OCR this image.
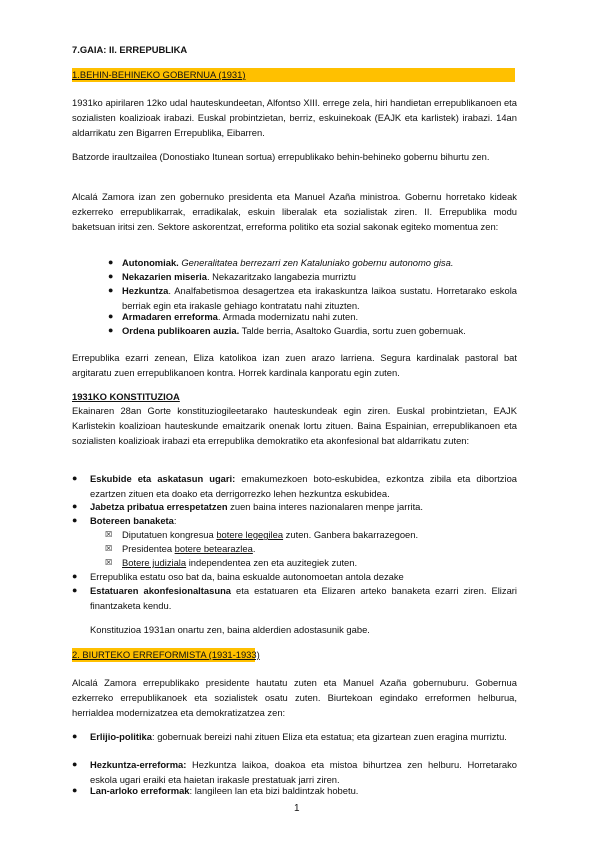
7.GAIA: II. ERREPUBLIKA

1.BEHIN-BEHINEKO GOBERNUA (1931)

1931ko apirilaren 12ko udal hauteskundeetan, Alfontso XIII. errege zela, hiri handietan errepublikanoen eta sozialisten koalizioak irabazi. Euskal probintzietan, berriz, eskuinekoak (EAJK eta karlistek) irabazi. 14an aldarrikatu zen Bigarren Errepublika, Eibarren.

Batzorde iraultzailea (Donostiako Itunean sortua) errepublikako behin-behineko gobernu bihurtu zen.

Alcalá Zamora izan zen gobernuko presidenta eta Manuel Azaña ministroa. Gobernu horretako kideak ezkerreko errepublikarrak, erradikalak, eskuin liberalak eta sozialistak ziren. II. Errepublika modu baketsuan iritsi zen. Sektore askorentzat, erreforma politiko eta sozial sakonak egiteko momentua zen:

● Autonomiak. Generalitatea berrezarri zen Kataluniako gobernu autonomo gisa.

● Nekazarien miseria. Nekazaritzako langabezia murriztu

● Hezkuntza. Analfabetismoa desagertzea eta irakaskuntza laikoa sustatu. Horretarako eskola berriak egin eta irakasle gehiago kontratatu nahi zituzten.

● Armadaren erreforma. Armada modernizatu nahi zuten.

● Ordena publikoaren auzia. Talde berria, Asaltoko Guardia, sortu zuen gobernuak.

Errepublika ezarri zenean, Eliza katolikoa izan zuen arazo larriena. Segura kardinalak pastoral bat argitaratu zuen errepublikanoen kontra. Horrek kardinala kanporatu egin zuten.

1931KO KONSTITUZIOA

Ekainaren 28an Gorte konstituziogileetarako hauteskundeak egin ziren. Euskal probintzietan, EAJK Karlistekin koalizioan hauteskunde emaitzarik onenak lortu zituen. Baina Espainian, errepublikanoen eta sozialisten koalizioak irabazi eta errepublika demokratiko eta akonfesional bat aldarrikatu zuten:

● Eskubide eta askatasun ugari: emakumezkoen boto-eskubidea, ezkontza zibila eta dibortzioa ezartzen zituen eta doako eta derrigorrezko lehen hezkuntza eskubidea.

● Jabetza pribatua errespetatzen zuen baina interes nazionalaren menpe jarrita.

● Botereen banaketa:

☒ Diputatuen kongresua botere legegilea zuten. Ganbera bakarrazegoen.

☒ Presidentea botere betearazlea.

☒ Botere judiziala independentea zen eta auzitegiek zuten.

● Errepublika estatu oso bat da, baina eskualde autonomoetan antola dezake

● Estatuaren akonfesionaltasuna eta estatuaren eta Elizaren arteko banaketa ezarri ziren. Elizari finantzaketa kendu.

Konstituzioa 1931an onartu zen, baina alderdien adostasunik gabe.

2. BIURTEKO ERREFORMISTA (1931-1933)

Alcalá Zamora errepublikako presidente hautatu zuten eta Manuel Azaña gobernuburu. Gobernua ezkerreko errepublikanoek eta sozialistek osatu zuten. Biurtekoan egindako erreformen helburua, herrialdea modernizatzea eta demokratizatzea zen:

● Erlijio-politika: gobernuak bereizi nahi zituen Eliza eta estatua; eta gizartean zuen eragina murriztu.

● Hezkuntza-erreforma: Hezkuntza laikoa, doakoa eta mistoa bihurtzea zen helburu. Horretarako eskola ugari eraiki eta haietan irakasle prestatuak jarri ziren.

● Lan-arloko erreformak: langileen lan eta bizi baldintzak hobetu.

1
